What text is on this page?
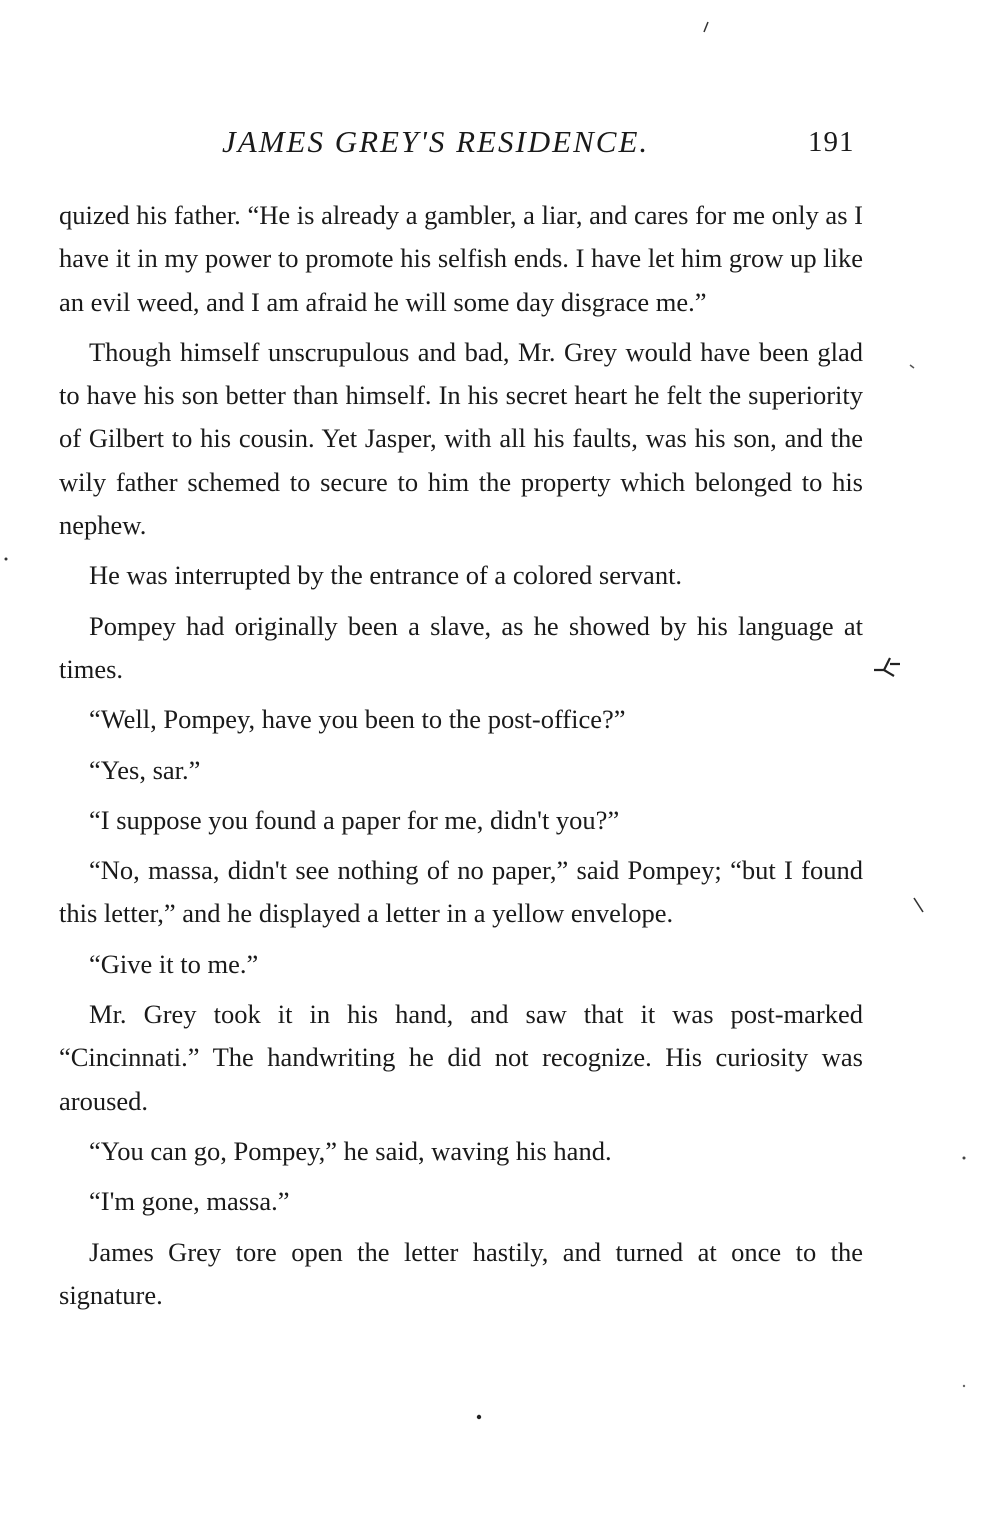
JAMES GREY'S RESIDENCE.	191

quized his father. “He is already a gambler, a liar, and cares for me only as I have it in my power to promote his selfish ends. I have let him grow up like an evil weed, and I am afraid he will some day disgrace me.”

Though himself unscrupulous and bad, Mr. Grey would have been glad to have his son better than himself. In his secret heart he felt the superiority of Gilbert to his cousin. Yet Jasper, with all his faults, was his son, and the wily father schemed to secure to him the property which belonged to his nephew.

He was interrupted by the entrance of a colored servant.

Pompey had originally been a slave, as he showed by his language at times.

“Well, Pompey, have you been to the post-office?”

“Yes, sar.”

“I suppose you found a paper for me, didn't you?”

“No, massa, didn't see nothing of no paper,” said Pompey; “but I found this letter,” and he displayed a letter in a yellow envelope.

“Give it to me.”

Mr. Grey took it in his hand, and saw that it was post-marked “Cincinnati.” The handwriting he did not recognize. His curiosity was aroused.

“You can go, Pompey,” he said, waving his hand.

“I'm gone, massa.”

James Grey tore open the letter hastily, and turned at once to the signature.
